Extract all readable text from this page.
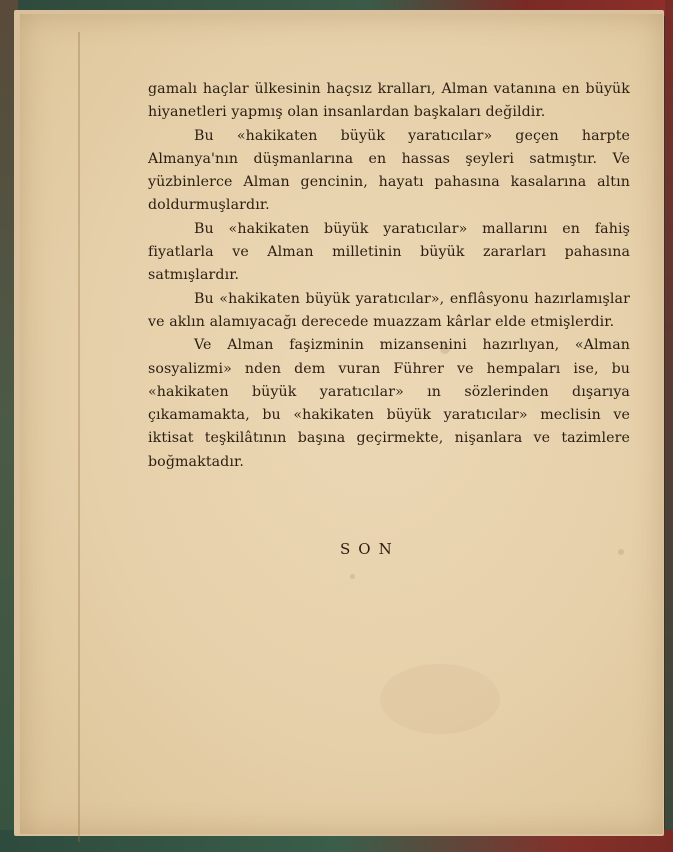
gamalı haçlar ülkesinin haçsız kralları, Alman vatanına en büyük hiyanetleri yapmış olan insanlardan başkaları değildir.

Bu «hakikaten büyük yaratıcılar» geçen harpte Almanya'nın düşmanlarına en hassas şeyleri satmıştır. Ve yüzbinlerce Alman gencinin, hayatı pahasına kasalarına altın doldurmuşlardır.

Bu «hakikaten büyük yaratıcılar» mallarını en fahiş fiyatlarla ve Alman milletinin büyük zararları pahasına satmışlardır.

Bu «hakikaten büyük yaratıcılar», enflâsyonu hazırlamışlar ve aklın alamıyacağı derecede muazzam kârlar elde etmişlerdir.

Ve Alman faşizminin mizansenini hazırlıyan, «Alman sosyalizmi» nden dem vuran Führer ve hempaları ise, bu «hakikaten büyük yaratıcılar» ın sözlerinden dışarıya çıkamamakta, bu «hakikaten büyük yaratıcılar» meclisin ve iktisat teşkilâtının başına geçirmekte, nişanlara ve tazimlere boğmaktadır.

SON
